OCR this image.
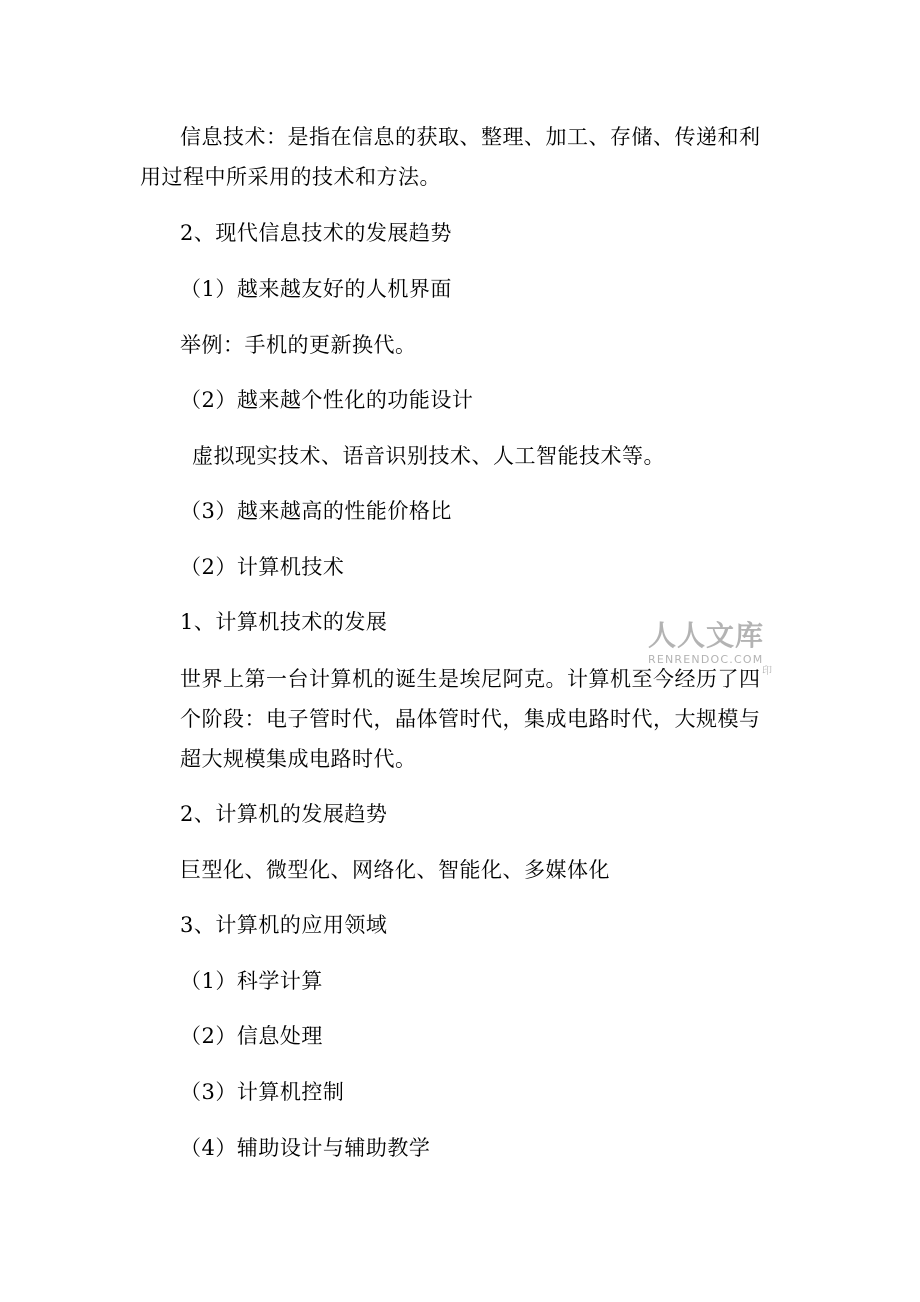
信息技术：是指在信息的获取、整理、加工、存储、传递和利
用过程中所采用的技术和方法。
2、现代信息技术的发展趋势
（1）越来越友好的人机界面
举例：手机的更新换代。
（2）越来越个性化的功能设计
虚拟现实技术、语音识别技术、人工智能技术等。
（3）越来越高的性能价格比
（2）计算机技术
1、计算机技术的发展
世界上第一台计算机的诞生是埃尼阿克。计算机至今经历了四
个阶段：电子管时代，晶体管时代，集成电路时代，大规模与
超大规模集成电路时代。
2、计算机的发展趋势
巨型化、微型化、网络化、智能化、多媒体化
3、计算机的应用领域
（1）科学计算
（2）信息处理
（3）计算机控制
（4）辅助设计与辅助教学
人人文库
RENRENDOC.COM
印
